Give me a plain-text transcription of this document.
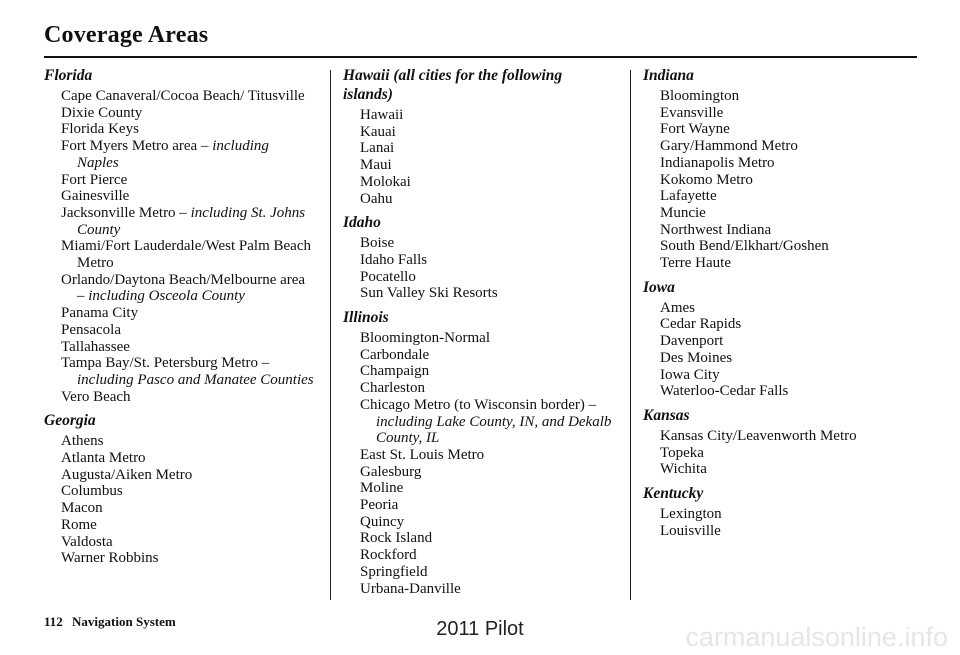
Coverage Areas
Florida
Cape Canaveral/Cocoa Beach/ Titusville
Dixie County
Florida Keys
Fort Myers Metro area – including Naples
Fort Pierce
Gainesville
Jacksonville Metro – including St. Johns County
Miami/Fort Lauderdale/West Palm Beach Metro
Orlando/Daytona Beach/Melbourne area – including Osceola County
Panama City
Pensacola
Tallahassee
Tampa Bay/St. Petersburg Metro – including Pasco and Manatee Counties
Vero Beach
Georgia
Athens
Atlanta Metro
Augusta/Aiken Metro
Columbus
Macon
Rome
Valdosta
Warner Robbins
Hawaii (all cities for the following islands)
Hawaii
Kauai
Lanai
Maui
Molokai
Oahu
Idaho
Boise
Idaho Falls
Pocatello
Sun Valley Ski Resorts
Illinois
Bloomington-Normal
Carbondale
Champaign
Charleston
Chicago Metro (to Wisconsin border) – including Lake County, IN, and Dekalb County, IL
East St. Louis Metro
Galesburg
Moline
Peoria
Quincy
Rock Island
Rockford
Springfield
Urbana-Danville
Indiana
Bloomington
Evansville
Fort Wayne
Gary/Hammond Metro
Indianapolis Metro
Kokomo Metro
Lafayette
Muncie
Northwest Indiana
South Bend/Elkhart/Goshen
Terre Haute
Iowa
Ames
Cedar Rapids
Davenport
Des Moines
Iowa City
Waterloo-Cedar Falls
Kansas
Kansas City/Leavenworth Metro
Topeka
Wichita
Kentucky
Lexington
Louisville
112 Navigation System	2011 Pilot	carmanualsonline.info
